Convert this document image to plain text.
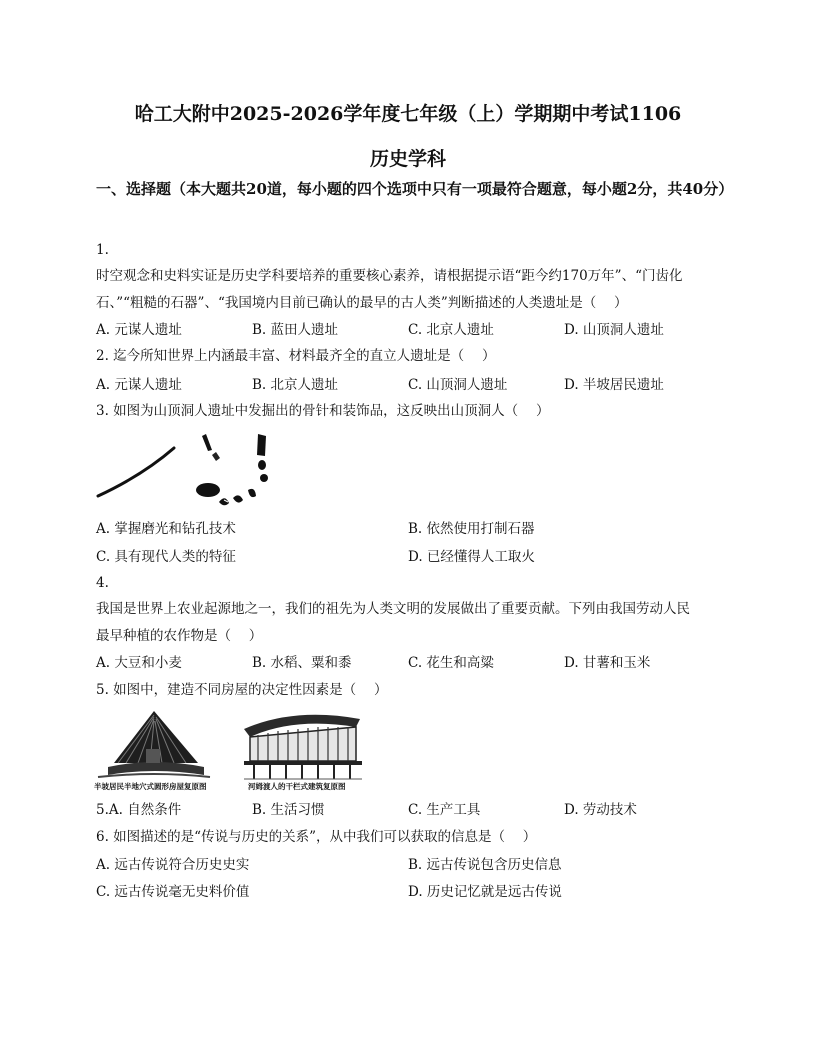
哈工大附中2025-2026学年度七年级（上）学期期中考试1106
历史学科
一、选择题（本大题共20道，每小题的四个选项中只有一项最符合题意，每小题2分，共40分）
1.
时空观念和史料实证是历史学科要培养的重要核心素养，请根据提示语“距今约170万年”、“门齿化
石、”“粗糙的石器”、“我国境内目前已确认的最早的古人类”判断描述的人类遗址是（　 ）
A. 元谋人遗址	B. 蓝田人遗址	C. 北京人遗址	D. 山顶洞人遗址
2. 迄今所知世界上内涵最丰富、材料最齐全的直立人遗址是（　 ）
A. 元谋人遗址	B. 北京人遗址	C. 山顶洞人遗址	D. 半坡居民遗址
3. 如图为山顶洞人遗址中发掘出的骨针和装饰品，这反映出山顶洞人（　 ）
A. 掌握磨光和钻孔技术	B. 依然使用打制石器
C. 具有现代人类的特征	D. 已经懂得人工取火
4.
我国是世界上农业起源地之一，我们的祖先为人类文明的发展做出了重要贡献。下列由我国劳动人民
最早种植的农作物是（　 ）
A. 大豆和小麦	B. 水稻、粟和黍	C. 花生和高粱	D. 甘薯和玉米
5. 如图中，建造不同房屋的决定性因素是（　 ）
半坡居民半地穴式圆形房屋复原图	河姆渡人的干栏式建筑复原图
5.A. 自然条件	B. 生活习惯	C. 生产工具	D. 劳动技术
6. 如图描述的是“传说与历史的关系”，从中我们可以获取的信息是（　 ）
A. 远古传说符合历史史实	B. 远古传说包含历史信息
C. 远古传说毫无史料价值	D. 历史记忆就是远古传说
